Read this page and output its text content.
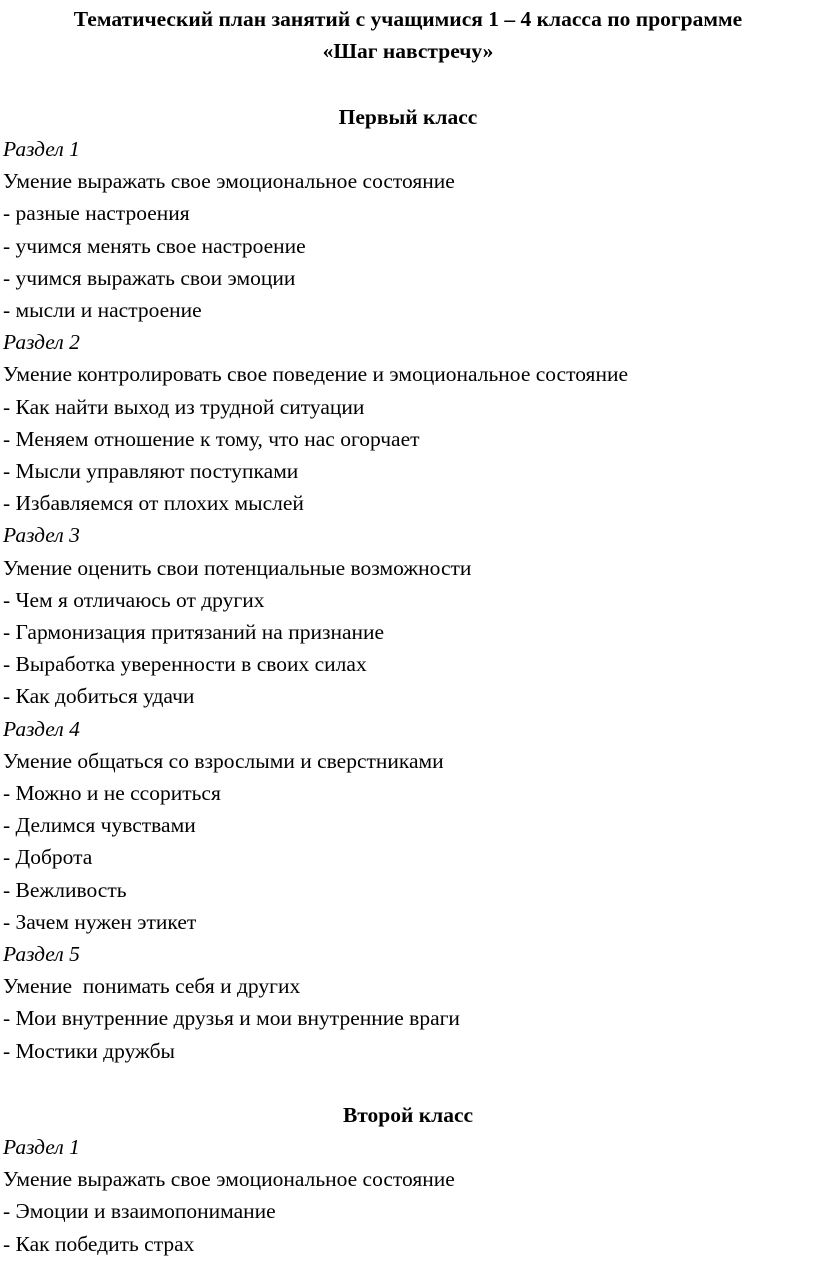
Тематический план занятий с учащимися 1 – 4 класса по программе

«Шаг навстречу»

Первый класс

Раздел 1

Умение выражать свое эмоциональное состояние

- разные настроения

- учимся менять свое настроение

- учимся выражать свои эмоции

- мысли и настроение

Раздел 2

Умение контролировать свое поведение и эмоциональное состояние

- Как найти выход из трудной ситуации

- Меняем отношение к тому, что нас огорчает

- Мысли управляют поступками

- Избавляемся от плохих мыслей

Раздел 3

Умение оценить свои потенциальные возможности

- Чем я отличаюсь от других

- Гармонизация притязаний на признание

- Выработка уверенности в своих силах

- Как добиться удачи

Раздел 4

Умение общаться со взрослыми и сверстниками

- Можно и не ссориться

- Делимся чувствами

- Доброта

- Вежливость

- Зачем нужен этикет

Раздел 5

Умение  понимать себя и других

- Мои внутренние друзья и мои внутренние враги

- Мостики дружбы

Второй класс

Раздел 1

Умение выражать свое эмоциональное состояние

- Эмоции и взаимопонимание

- Как победить страх
